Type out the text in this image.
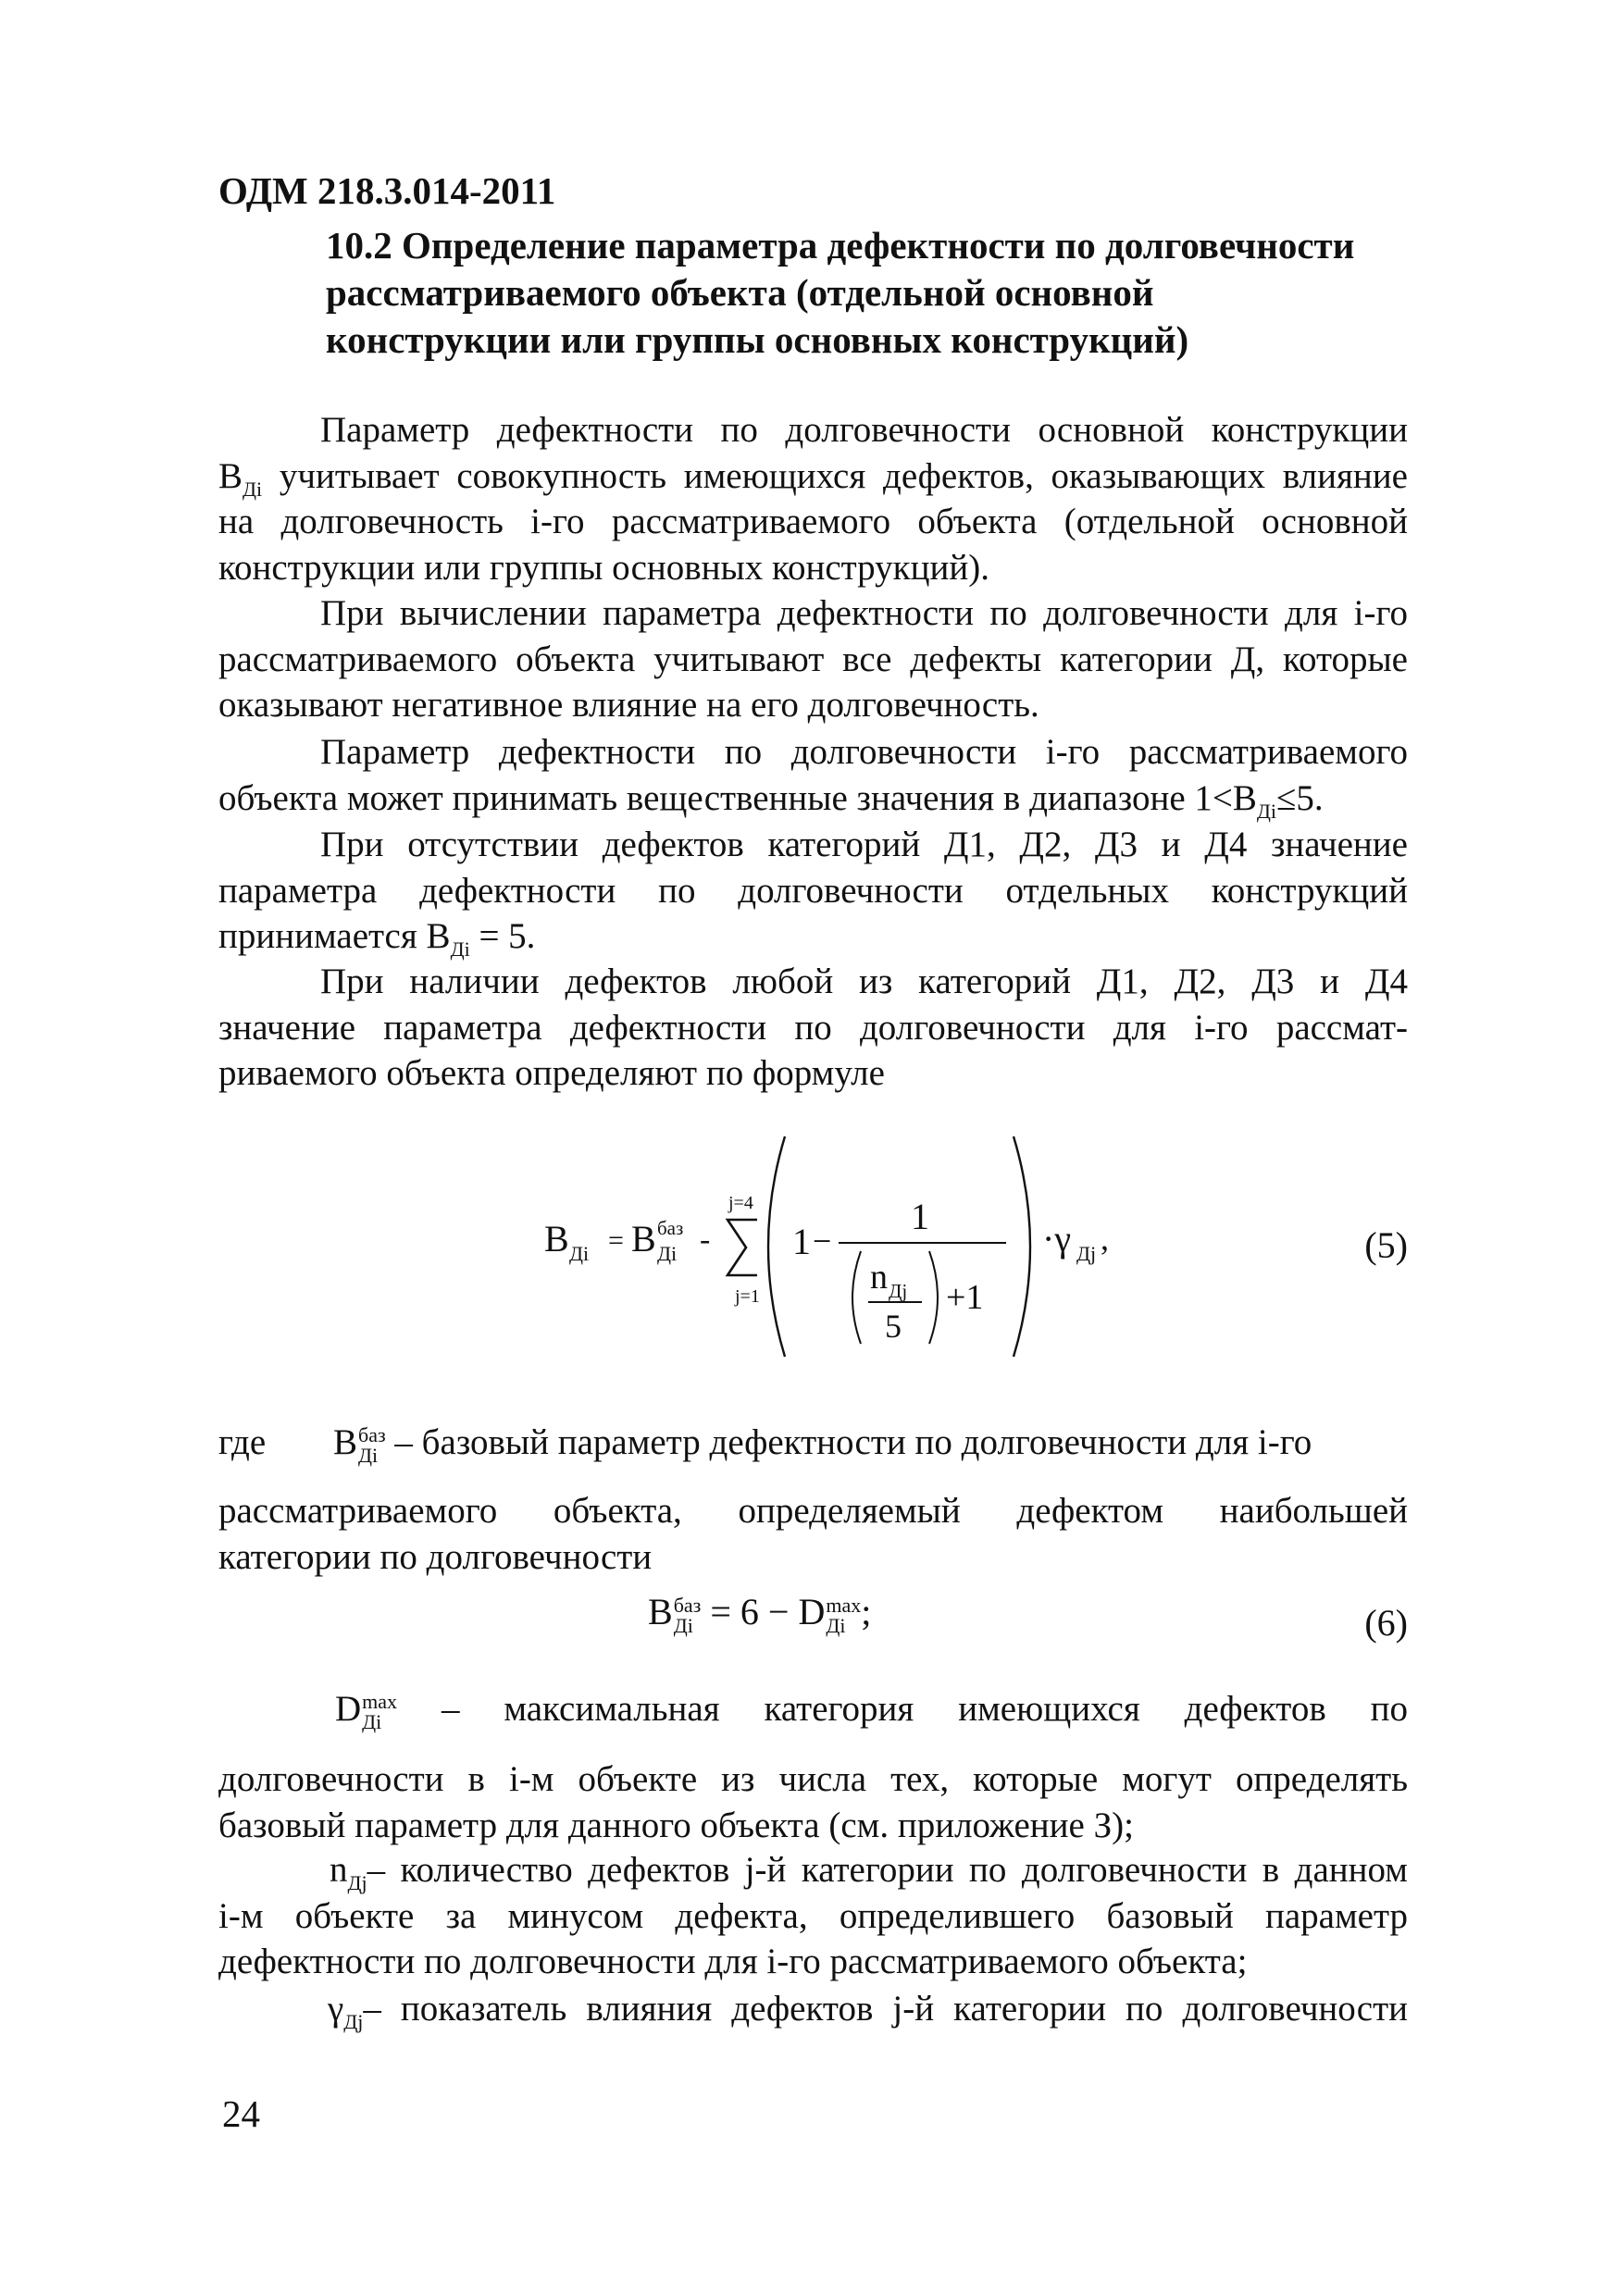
ОДМ 218.3.014-2011
10.2 Определение параметра дефектности по долговечности
рассматриваемого объекта (отдельной основной
конструкции или группы основных конструкций)
Параметр дефектности по долговечности основной конструкции
$В_{Дi}$ учитывает совокупность имеющихся дефектов, оказывающих влияние
на долговечность i-го рассматриваемого объекта (отдельной основной
конструкции или группы основных конструкций).
При вычислении параметра дефектности по долговечности для i-го
рассматриваемого объекта учитывают все дефекты категории Д, которые
оказывают негативное влияние на его долговечность.
Параметр дефектности по долговечности i-го рассматриваемого
объекта может принимать вещественные значения в диапазоне $1<В_{Дi}\le 5$.
При отсутствии дефектов категорий Д1, Д2, Д3 и Д4 значение
параметра дефектности по долговечности отдельных конструкций
принимается $В_{Дi} = 5$.
При наличии дефектов любой из категорий Д1, Д2, Д3 и Д4
значение параметра дефектности по долговечности для i-го рассмат-
риваемого объекта определяют по формуле
В Дi = В баз
Дi -
j=4
j=1
1 −
1
n Дj
5
+1
·γ Дj ,	(5)
где В баз
Дi – базовый параметр дефектности по долговечности для i-го
рассматриваемого объекта, определяемый дефектом наибольшей
категории по долговечности
В баз
Дi = 6 − D max
Дi ;	(6)
D max
Дi – максимальная категория имеющихся дефектов по
долговечности в i-м объекте из числа тех, которые могут определять
базовый параметр для данного объекта (см. приложение З);
$n_{Дj}-$ количество дефектов j-й категории по долговечности в данном
i-м объекте за минусом дефекта, определившего базовый параметр
дефектности по долговечности для i-го рассматриваемого объекта;
$\gamma_{Дj}-$ показатель влияния дефектов j-й категории по долговечности
24
